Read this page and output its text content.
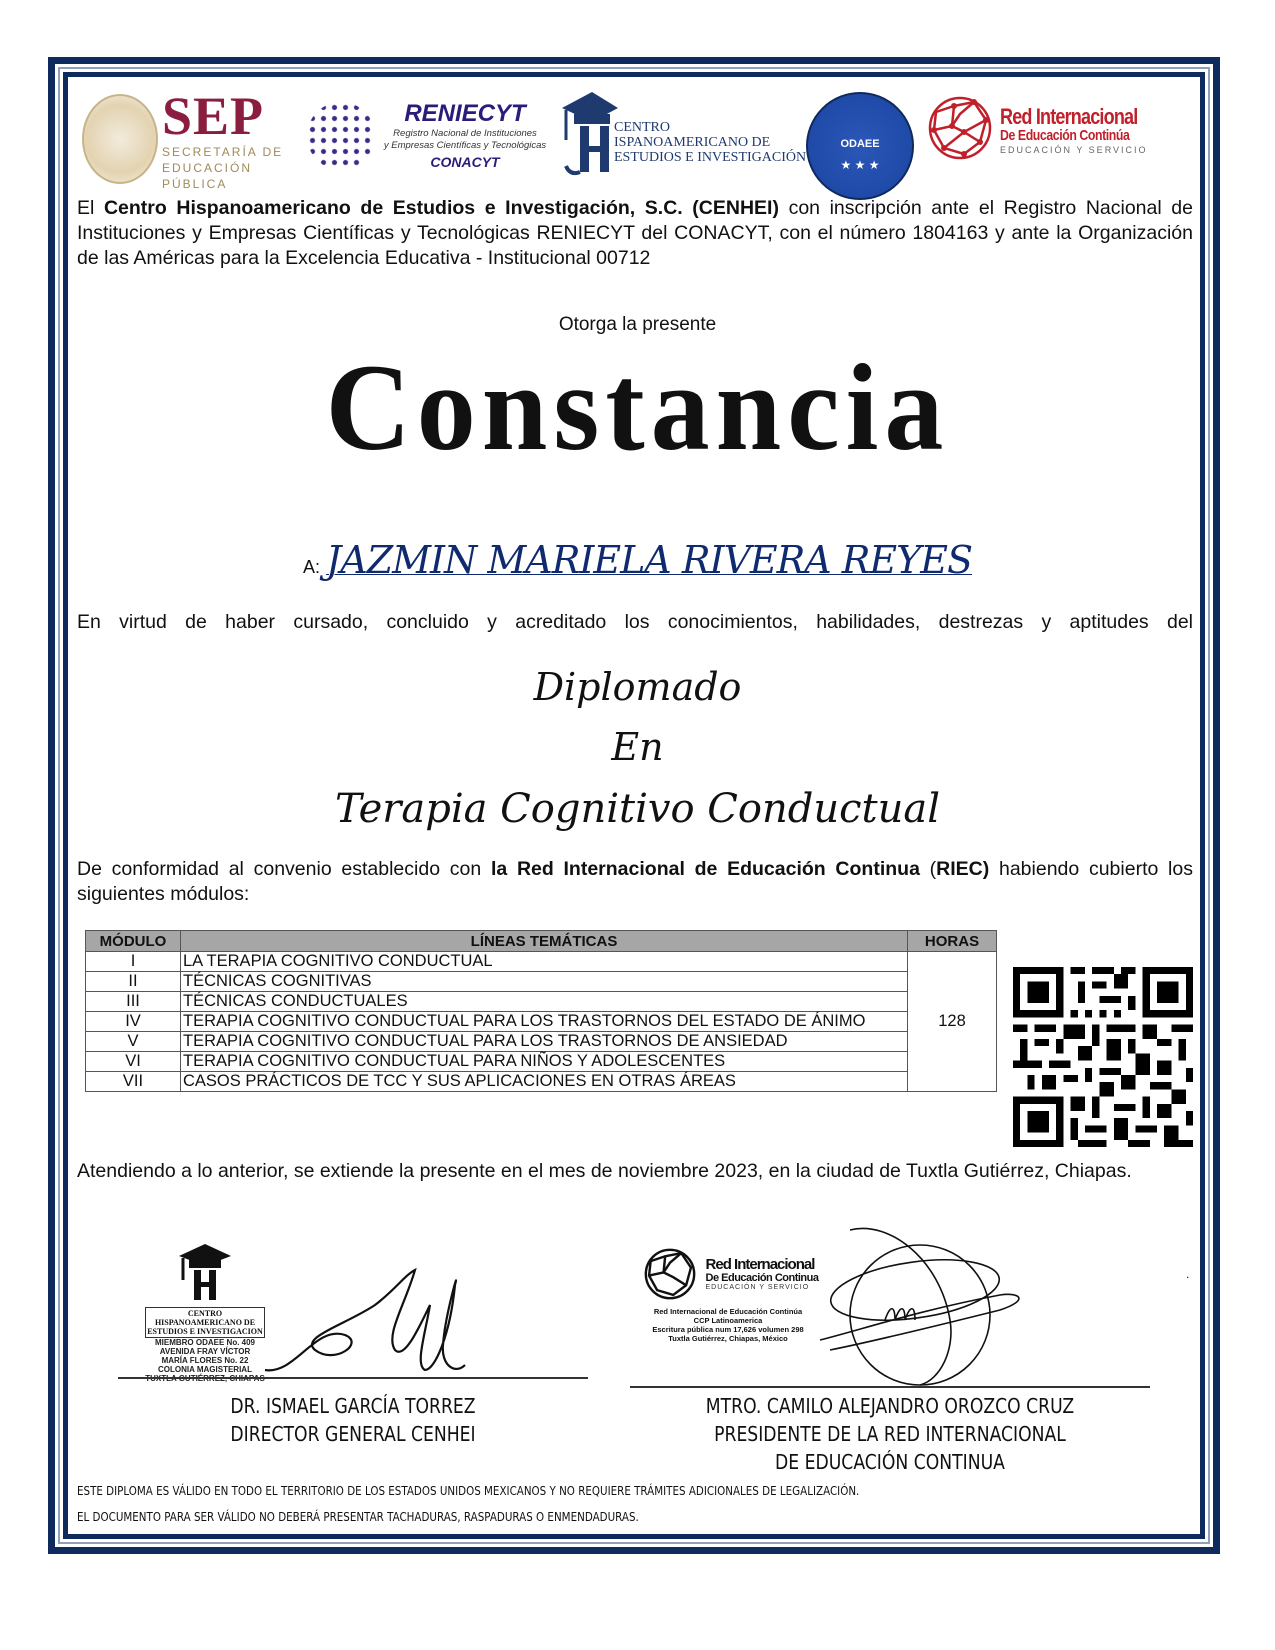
SEP
SECRETARÍA DE
EDUCACIÓN PÚBLICA
RENIECYT
Registro Nacional de Instituciones
y Empresas Científicas y Tecnológicas
CONACYT
CENTRO
ISPANOAMERICANO DE
ESTUDIOS E INVESTIGACIÓN
ODAEE
★ ★ ★
Red Internacional
De Educación Continúa
EDUCACIÓN Y SERVICIO
El Centro Hispanoamericano de Estudios e Investigación, S.C. (CENHEI) con inscripción ante el Registro Nacional de Instituciones y Empresas Científicas y Tecnológicas RENIECYT del CONACYT, con el número 1804163 y ante la Organización de las Américas para la Excelencia Educativa - Institucional 00712
Otorga la presente
Constancia
A: JAZMIN MARIELA RIVERA REYES
En virtud de haber cursado, concluido y acreditado los conocimientos, habilidades, destrezas y aptitudes del
Diplomado
En
Terapia Cognitivo Conductual
De conformidad al convenio establecido con la Red Internacional de Educación Continua (RIEC) habiendo cubierto los siguientes módulos:
MÓDULO	LÍNEAS TEMÁTICAS	HORAS
I	LA TERAPIA COGNITIVO CONDUCTUAL	128
II	TÉCNICAS COGNITIVAS	
III	TÉCNICAS CONDUCTUALES	
IV	TERAPIA COGNITIVO CONDUCTUAL PARA LOS TRASTORNOS DEL ESTADO DE ÁNIMO	
V	TERAPIA COGNITIVO CONDUCTUAL PARA LOS TRASTORNOS DE ANSIEDAD	
VI	TERAPIA COGNITIVO CONDUCTUAL PARA NIÑOS Y ADOLESCENTES	
VII	CASOS PRÁCTICOS DE TCC Y SUS APLICACIONES EN OTRAS ÁREAS	
Atendiendo a lo anterior, se extiende la presente en el mes de noviembre 2023, en la ciudad de Tuxtla Gutiérrez, Chiapas.
CENTRO HISPANOAMERICANO DE
ESTUDIOS E INVESTIGACION
MIEMBRO ODAEE No. 409
AVENIDA FRAY VÍCTOR
MARÍA FLORES No. 22
COLONIA MAGISTERIAL
TUXTLA GUTIÉRREZ, CHIAPAS
DR. ISMAEL GARCÍA TORREZ
DIRECTOR GENERAL CENHEI
Red Internacional
De Educación Continua
EDUCACIÓN Y SERVICIO
Red Internacional de Educación Continúa
CCP Latinoamerica
Escritura pública num 17,626 volumen 298
Tuxtla Gutiérrez, Chiapas, México
MTRO. CAMILO ALEJANDRO OROZCO CRUZ
PRESIDENTE DE LA RED INTERNACIONAL
DE EDUCACIÓN CONTINUA
.
ESTE DIPLOMA ES VÁLIDO EN TODO EL TERRITORIO DE LOS ESTADOS UNIDOS MEXICANOS Y NO REQUIERE TRÁMITES ADICIONALES DE LEGALIZACIÓN.
EL DOCUMENTO PARA SER VÁLIDO NO DEBERÁ PRESENTAR TACHADURAS, RASPADURAS O ENMENDADURAS.
